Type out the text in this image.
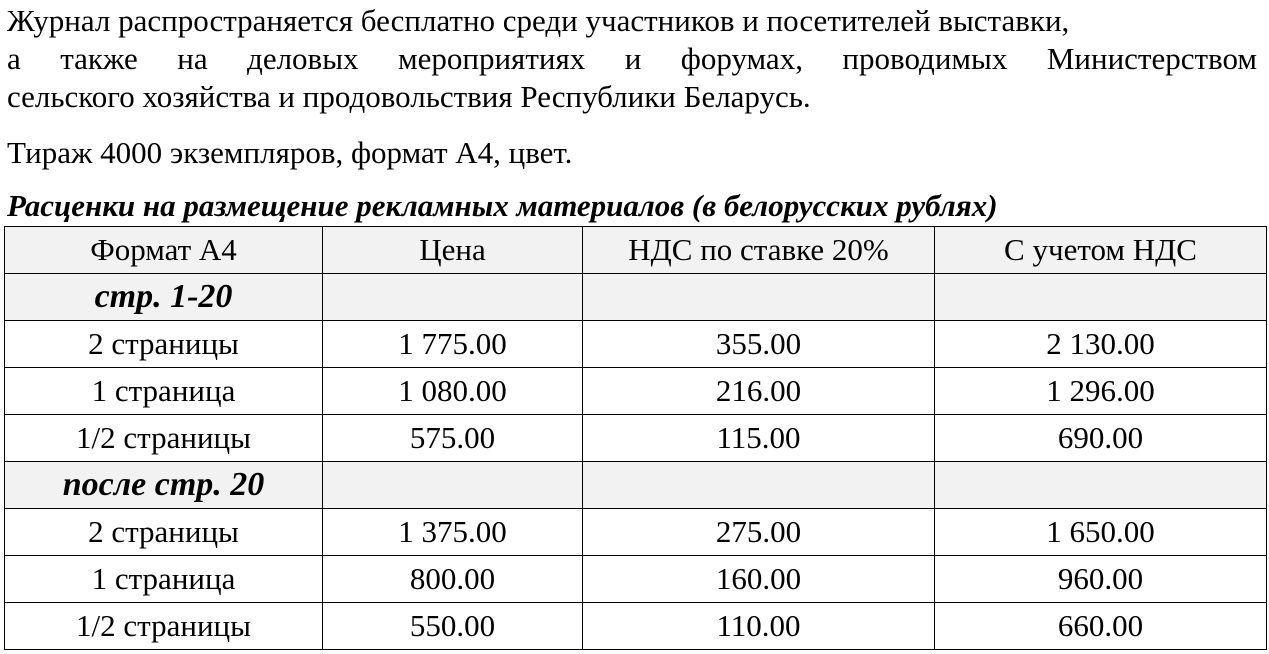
Журнал распространяется бесплатно среди участников и посетителей выставки,
а также на деловых мероприятиях и форумах, проводимых Министерством
сельского хозяйства и продовольствия Республики Беларусь.

Тираж 4000 экземпляров, формат А4, цвет.

Расценки на размещение рекламных материалов (в белорусских рублях)

Формат А4	Цена	НДС по ставке 20%	С учетом НДС
стр. 1-20			
2 страницы	1 775.00	355.00	2 130.00
1 страница	1 080.00	216.00	1 296.00
1/2 страницы	575.00	115.00	690.00
после стр. 20			
2 страницы	1 375.00	275.00	1 650.00
1 страница	800.00	160.00	960.00
1/2 страницы	550.00	110.00	660.00
